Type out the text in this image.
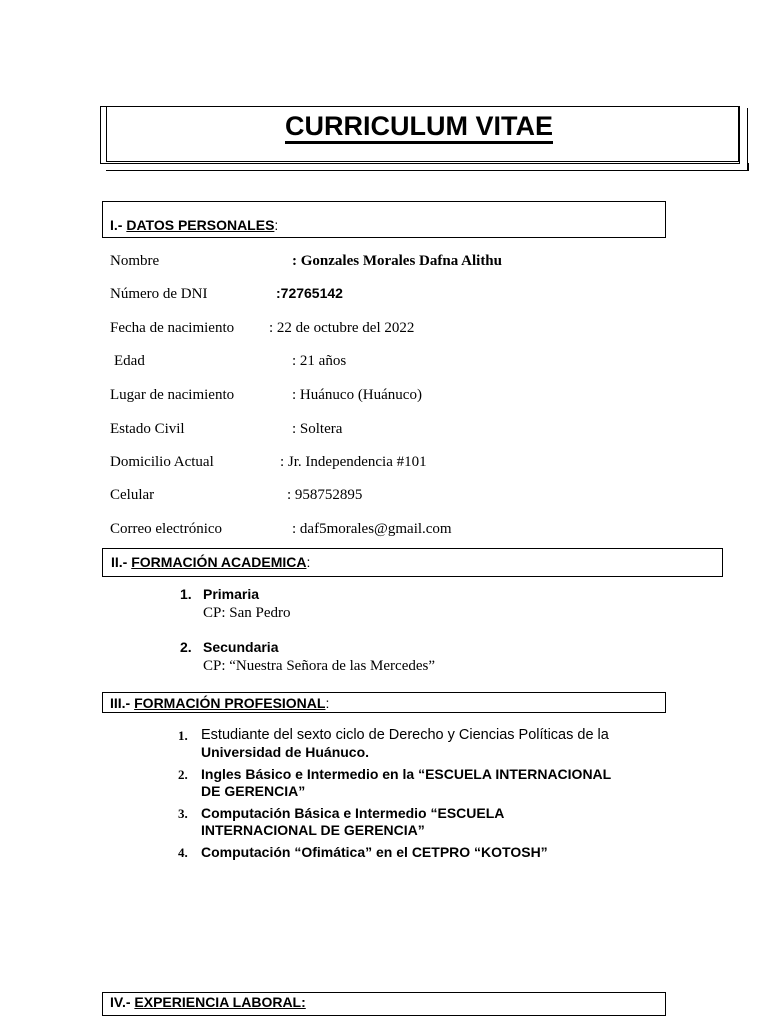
CURRICULUM VITAE
I.- DATOS PERSONALES:
Nombre	: Gonzales Morales Dafna Alithu
Número de DNI	:72765142
Fecha de nacimiento : 22 de octubre del 2022
Edad	: 21 años
Lugar de nacimiento	: Huánuco (Huánuco)
Estado Civil	: Soltera
Domicilio Actual	: Jr. Independencia #101
Celular	: 958752895
Correo electrónico	: daf5morales@gmail.com
II.- FORMACIÓN ACADEMICA:
1. Primaria
CP: San Pedro
2. Secundaria
CP: “Nuestra Señora de las Mercedes”
III.- FORMACIÓN PROFESIONAL:
1. Estudiante del sexto ciclo de Derecho y Ciencias Políticas de la
Universidad de Huánuco.
2. Ingles Básico e Intermedio en la “ESCUELA INTERNACIONAL
DE GERENCIA”
3. Computación Básica e Intermedio “ESCUELA
INTERNACIONAL DE GERENCIA”
4. Computación “Ofimática” en el CETPRO “KOTOSH”
IV.- EXPERIENCIA LABORAL:
